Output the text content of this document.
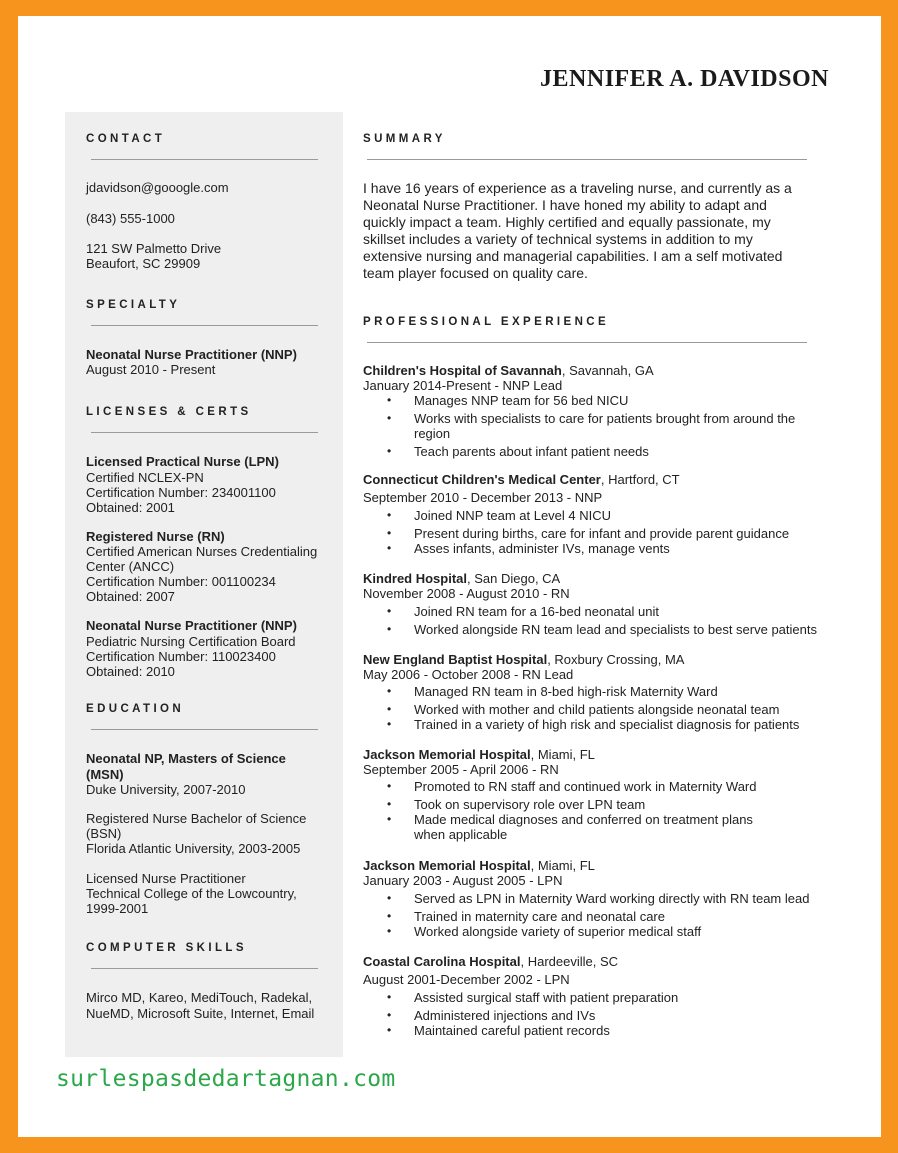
JENNIFER A. DAVIDSON
CONTACT
jdavidson@gooogle.com
(843) 555-1000
121 SW Palmetto Drive
Beaufort, SC 29909
SPECIALTY
Neonatal Nurse Practitioner (NNP)
August 2010 - Present
LICENSES & CERTS
Licensed Practical Nurse (LPN)
Certified NCLEX-PN
Certification Number: 234001100
Obtained: 2001
Registered Nurse (RN)
Certified American Nurses Credentialing
Center (ANCC)
Certification Number: 001100234
Obtained: 2007
Neonatal Nurse Practitioner (NNP)
Pediatric Nursing Certification Board
Certification Number: 110023400
Obtained: 2010
EDUCATION
Neonatal NP, Masters of Science
(MSN)
Duke University, 2007-2010
Registered Nurse Bachelor of Science
(BSN)
Florida Atlantic University, 2003-2005
Licensed Nurse Practitioner
Technical College of the Lowcountry,
1999-2001
COMPUTER SKILLS
Mirco MD, Kareo, MediTouch, Radekal,
NueMD, Microsoft Suite, Internet, Email
SUMMARY
I have 16 years of experience as a traveling nurse, and currently as a Neonatal Nurse Practitioner. I have honed my ability to adapt and quickly impact a team. Highly certified and equally passionate, my skillset includes a variety of technical systems in addition to my extensive nursing and managerial capabilities. I am a self motivated team player focused on quality care.
PROFESSIONAL EXPERIENCE
Children's Hospital of Savannah, Savannah, GA
January 2014-Present - NNP Lead
• Manages NNP team for 56 bed NICU
• Works with specialists to care for patients brought from around the region
• Teach parents about infant patient needs
Connecticut Children's Medical Center, Hartford, CT
September 2010 - December 2013 - NNP
• Joined NNP team at Level 4 NICU
• Present during births, care for infant and provide parent guidance
• Asses infants, administer IVs, manage vents
Kindred Hospital, San Diego, CA
November 2008 - August 2010 - RN
• Joined RN team for a 16-bed neonatal unit
• Worked alongside RN team lead and specialists to best serve patients
New England Baptist Hospital, Roxbury Crossing, MA
May 2006 - October 2008 - RN Lead
• Managed RN team in 8-bed high-risk Maternity Ward
• Worked with mother and child patients alongside neonatal team
• Trained in a variety of high risk and specialist diagnosis for patients
Jackson Memorial Hospital, Miami, FL
September 2005 - April 2006 - RN
• Promoted to RN staff and continued work in Maternity Ward
• Took on supervisory role over LPN team
• Made medical diagnoses and conferred on treatment plans when applicable
Jackson Memorial Hospital, Miami, FL
January 2003 - August 2005 - LPN
• Served as LPN in Maternity Ward working directly with RN team lead
• Trained in maternity care and neonatal care
• Worked alongside variety of superior medical staff
Coastal Carolina Hospital, Hardeeville, SC
August 2001-December 2002 - LPN
• Assisted surgical staff with patient preparation
• Administered injections and IVs
• Maintained careful patient records
surlespasdedartagnan.com
